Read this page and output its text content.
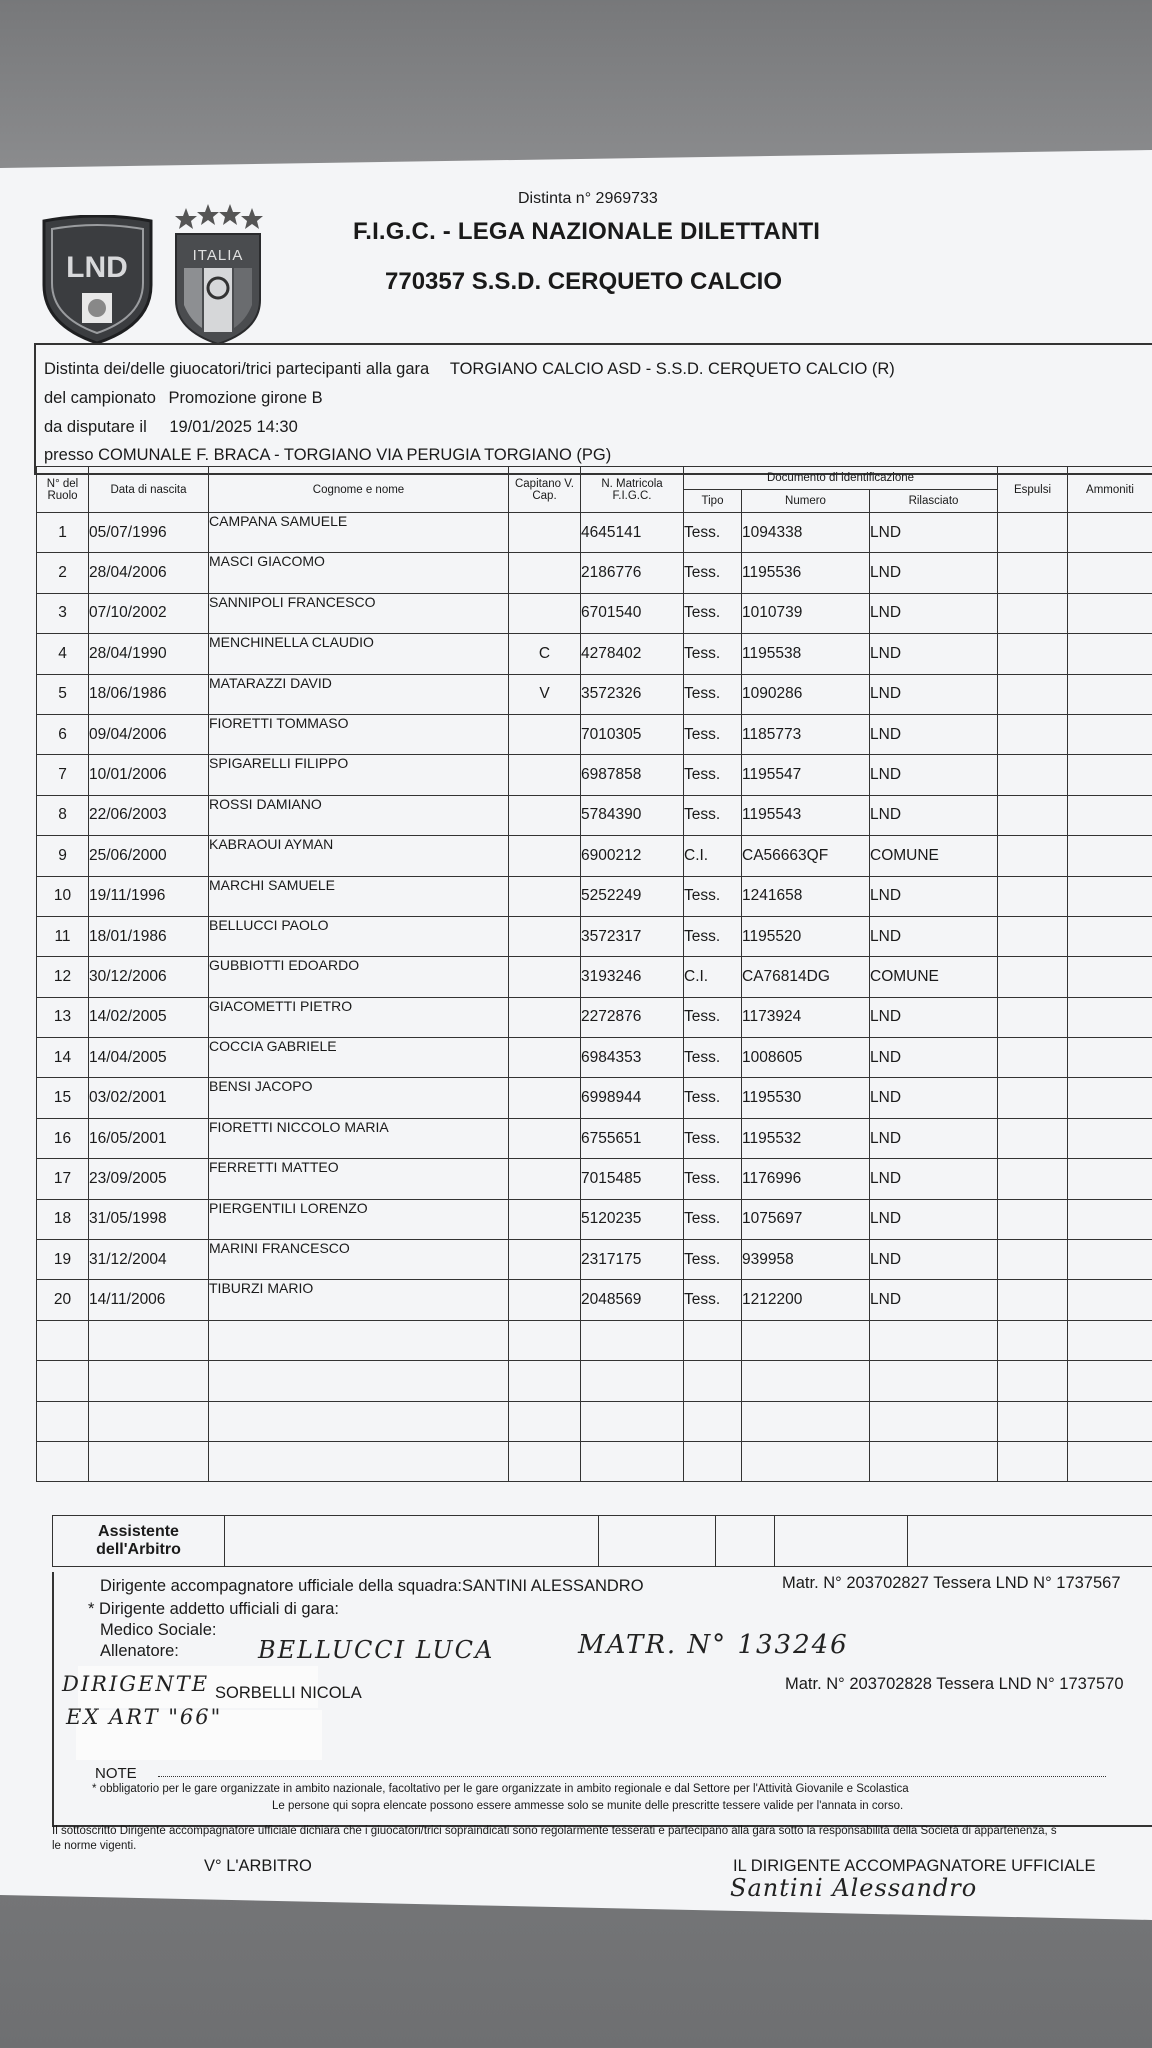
LND	ITALIA
Distinta n° 2969733
F.I.G.C. - LEGA NAZIONALE DILETTANTI
770357 S.S.D. CERQUETO CALCIO
Distinta dei/delle giuocatori/trici partecipanti alla gara TORGIANO CALCIO ASD - S.S.D. CERQUETO CALCIO (R)
del campionato Promozione girone B
da disputare il 19/01/2025 14:30
presso COMUNALE F. BRACA - TORGIANO VIA PERUGIA TORGIANO (PG)
N° del Ruolo	Data di nascita	Cognome e nome	Capitano V. Cap.	N. Matricola F.I.G.C.	Documento di identificazione			Espulsi	Ammoniti
					Tipo	Numero	Rilasciato		
1	05/07/1996	CAMPANA SAMUELE		4645141	Tess.	1094338	LND		
2	28/04/2006	MASCI GIACOMO		2186776	Tess.	1195536	LND		
3	07/10/2002	SANNIPOLI FRANCESCO		6701540	Tess.	1010739	LND		
4	28/04/1990	MENCHINELLA CLAUDIO	C	4278402	Tess.	1195538	LND		
5	18/06/1986	MATARAZZI DAVID	V	3572326	Tess.	1090286	LND		
6	09/04/2006	FIORETTI TOMMASO		7010305	Tess.	1185773	LND		
7	10/01/2006	SPIGARELLI FILIPPO		6987858	Tess.	1195547	LND		
8	22/06/2003	ROSSI DAMIANO		5784390	Tess.	1195543	LND		
9	25/06/2000	KABRAOUI AYMAN		6900212	C.I.	CA56663QF	COMUNE		
10	19/11/1996	MARCHI SAMUELE		5252249	Tess.	1241658	LND		
11	18/01/1986	BELLUCCI PAOLO		3572317	Tess.	1195520	LND		
12	30/12/2006	GUBBIOTTI EDOARDO		3193246	C.I.	CA76814DG	COMUNE		
13	14/02/2005	GIACOMETTI PIETRO		2272876	Tess.	1173924	LND		
14	14/04/2005	COCCIA GABRIELE		6984353	Tess.	1008605	LND		
15	03/02/2001	BENSI JACOPO		6998944	Tess.	1195530	LND		
16	16/05/2001	FIORETTI NICCOLO MARIA		6755651	Tess.	1195532	LND		
17	23/09/2005	FERRETTI MATTEO		7015485	Tess.	1176996	LND		
18	31/05/1998	PIERGENTILI LORENZO		5120235	Tess.	1075697	LND		
19	31/12/2004	MARINI FRANCESCO		2317175	Tess.	939958	LND		
20	14/11/2006	TIBURZI MARIO		2048569	Tess.	1212200	LND		

Assistente dell'Arbitro					
Dirigente accompagnatore ufficiale della squadra:SANTINI ALESSANDRO	Matr. N° 203702827 Tessera LND N° 1737567
* Dirigente addetto ufficiali di gara:
Medico Sociale:
Allenatore:	BELLUCCI LUCA	MATR. N° 133246
DIRIGENTE SORBELLI NICOLA	Matr. N° 203702828 Tessera LND N° 1737570
EX ART "66"
NOTE
* obbligatorio per le gare organizzate in ambito nazionale, facoltativo per le gare organizzate in ambito regionale e dal Settore per l'Attività Giovanile e Scolastica
Le persone qui sopra elencate possono essere ammesse solo se munite delle prescritte tessere valide per l'annata in corso.
Il sottoscritto Dirigente accompagnatore ufficiale dichiara che i giuocatori/trici sopraindicati sono regolarmente tesserati e partecipano alla gara sotto la responsabilità della Società di appartenenza, s
le norme vigenti.
V° L'ARBITRO	IL DIRIGENTE ACCOMPAGNATORE UFFICIALE
Santini Alessandro
